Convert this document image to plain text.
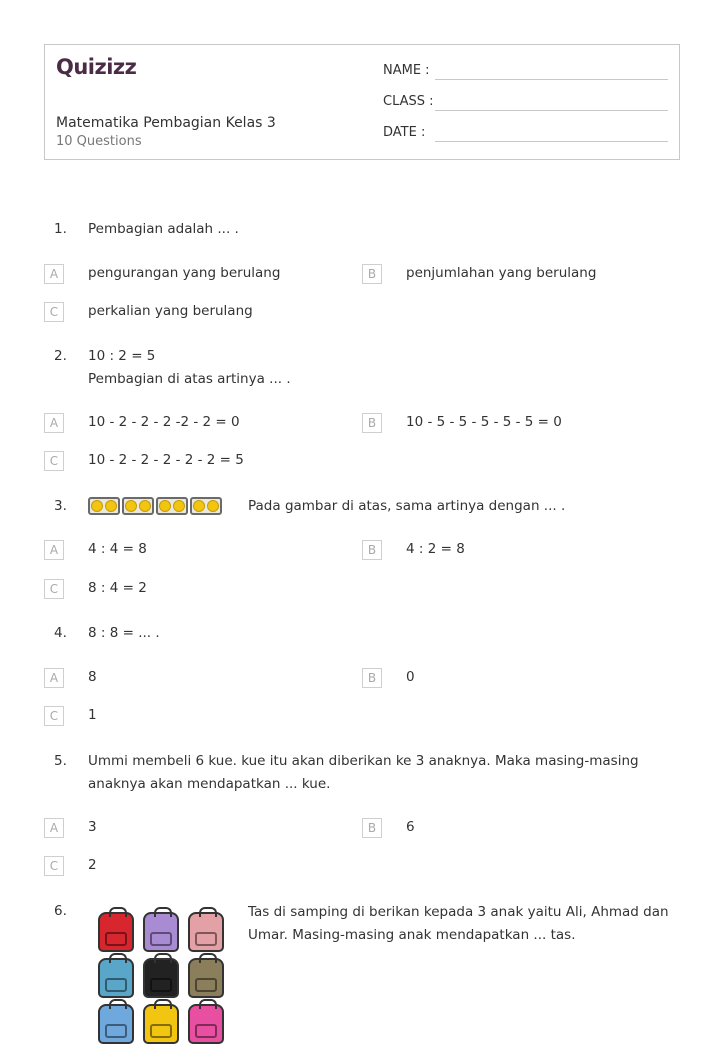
Quizizz
Matematika Pembagian Kelas 3
10 Questions
NAME :
CLASS :
DATE :
1. Pembagian adalah ... .
A	pengurangan yang berulang	B	penjumlahan yang berulang
C	perkalian yang berulang
2. 10 : 2 = 5
Pembagian di atas artinya ... .
A	10 - 2 - 2 - 2 -2 - 2 = 0	B	10 - 5 - 5 - 5 - 5 - 5 = 0
C	10 - 2 - 2 - 2 - 2 - 2 = 5
3.	Pada gambar di atas, sama artinya dengan ... .
A	4 : 4 = 8	B	4 : 2 = 8
C	8 : 4 = 2
4. 8 : 8 = ... .
A	8	B	0
C	1
5. Ummi membeli 6 kue. kue itu akan diberikan ke 3 anaknya. Maka masing-masing
anaknya akan mendapatkan ... kue.
A	3	B	6
C	2
6.	Tas di samping di berikan kepada 3 anak yaitu Ali, Ahmad dan
Umar. Masing-masing anak mendapatkan ... tas.
